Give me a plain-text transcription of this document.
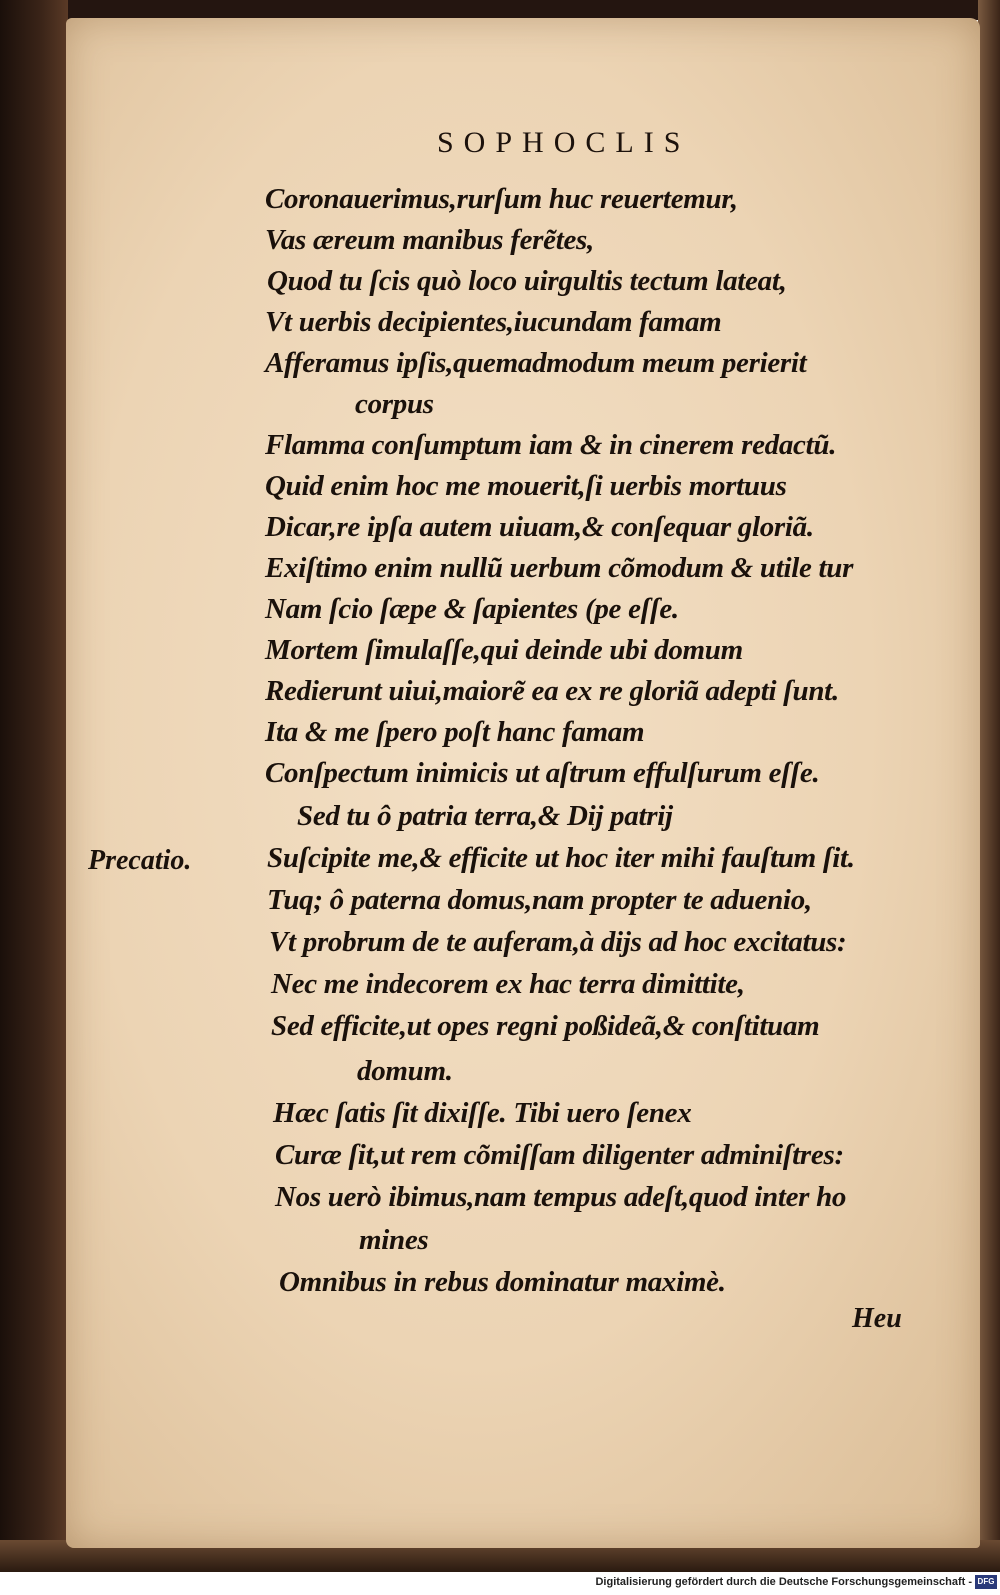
SOPHOCLIS
Coronauerimus,rurſum huc reuertemur,
Vas æreum manibus ferẽtes,
Quod tu ſcis quò loco uirgultis tectum lateat,
Vt uerbis decipientes,iucundam famam
Afferamus ipſis,quemadmodum meum perierit
corpus
Flamma conſumptum iam & in cinerem redactũ.
Quid enim hoc me mouerit,ſi uerbis mortuus
Dicar,re ipſa autem uiuam,& conſequar gloriã.
Exiſtimo enim nullũ uerbum cõmodum & utile tur
Nam ſcio ſæpe & ſapientes (pe eſſe.
Mortem ſimulaſſe,qui deinde ubi domum
Redierunt uiui,maiorẽ ea ex re gloriã adepti ſunt.
Ita & me ſpero poſt hanc famam
Conſpectum inimicis ut aſtrum effulſurum eſſe.
Sed tu ô patria terra,& Dij patrij
Suſcipite me,& efficite ut hoc iter mihi fauſtum ſit.
Tuq; ô paterna domus,nam propter te aduenio,
Vt probrum de te auferam,à dijs ad hoc excitatus:
Nec me indecorem ex hac terra dimittite,
Sed efficite,ut opes regni poßideã,& conſtituam
domum.
Hæc ſatis ſit dixiſſe. Tibi uero ſenex
Curæ ſit,ut rem cõmiſſam diligenter adminiſtres:
Nos uerò ibimus,nam tempus adeſt,quod inter ho
mines
Omnibus in rebus dominatur maximè.
Precatio.
Heu
Digitalisierung gefördert durch die Deutsche Forschungsgemeinschaft - DFG
